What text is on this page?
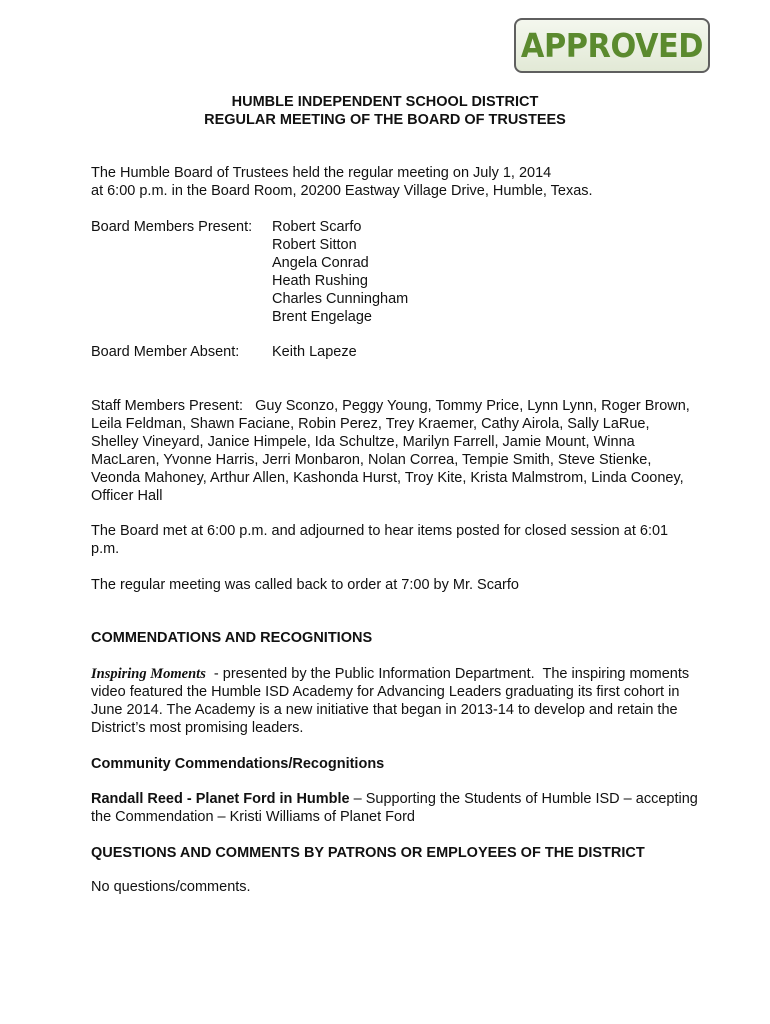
APPROVED
HUMBLE INDEPENDENT SCHOOL DISTRICT
REGULAR MEETING OF THE BOARD OF TRUSTEES
The Humble Board of Trustees held the regular meeting on July 1, 2014
at 6:00 p.m. in the Board Room, 20200 Eastway Village Drive, Humble, Texas.
Board Members Present: Robert Scarfo
Robert Sitton
Angela Conrad
Heath Rushing
Charles Cunningham
Brent Engelage
Board Member Absent: Keith Lapeze
Staff Members Present:   Guy Sconzo, Peggy Young, Tommy Price, Lynn Lynn, Roger Brown,
Leila Feldman, Shawn Faciane, Robin Perez, Trey Kraemer, Cathy Airola, Sally LaRue,
Shelley Vineyard, Janice Himpele, Ida Schultze, Marilyn Farrell, Jamie Mount, Winna
MacLaren, Yvonne Harris, Jerri Monbaron, Nolan Correa, Tempie Smith, Steve Stienke,
Veonda Mahoney, Arthur Allen, Kashonda Hurst, Troy Kite, Krista Malmstrom, Linda Cooney,
Officer Hall
The Board met at 6:00 p.m. and adjourned to hear items posted for closed session at 6:01
p.m.
The regular meeting was called back to order at 7:00 by Mr. Scarfo
COMMENDATIONS AND RECOGNITIONS
Inspiring Moments  - presented by the Public Information Department.  The inspiring moments
video featured the Humble ISD Academy for Advancing Leaders graduating its first cohort in
June 2014. The Academy is a new initiative that began in 2013-14 to develop and retain the
District’s most promising leaders.
Community Commendations/Recognitions
Randall Reed - Planet Ford in Humble – Supporting the Students of Humble ISD – accepting
the Commendation – Kristi Williams of Planet Ford
QUESTIONS AND COMMENTS BY PATRONS OR EMPLOYEES OF THE DISTRICT
No questions/comments.
